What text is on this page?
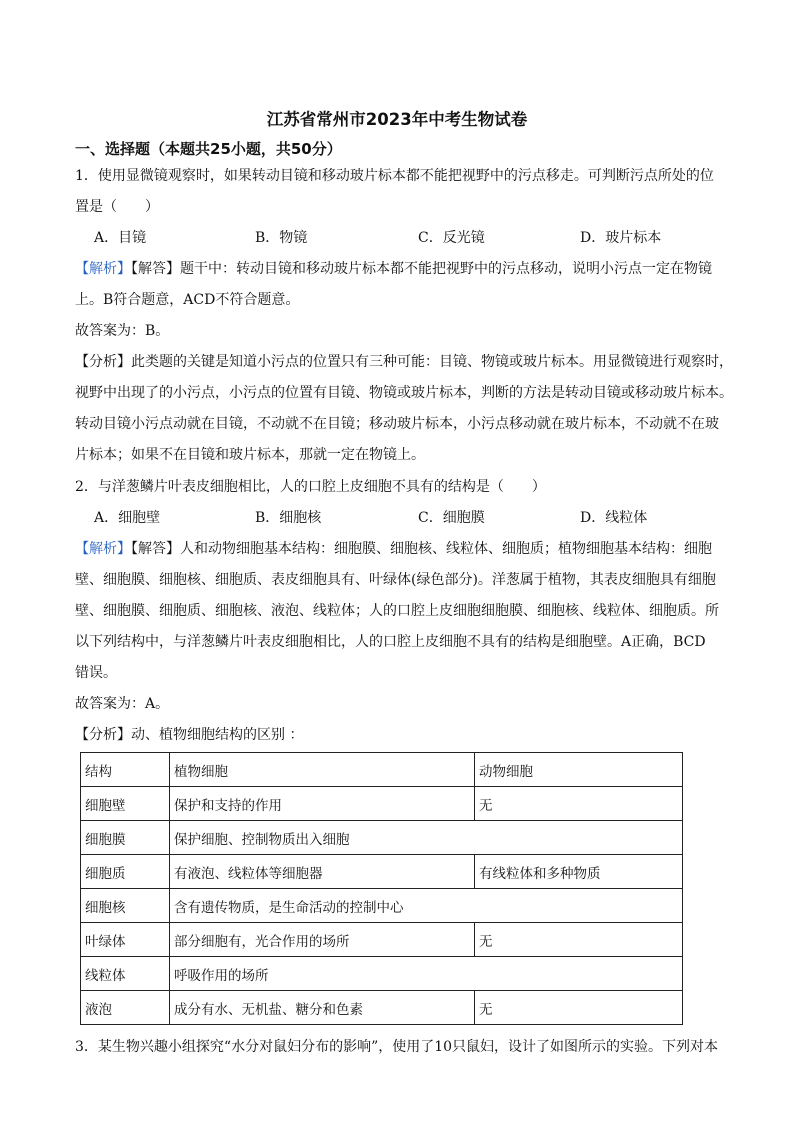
江苏省常州市2023年中考生物试卷
一、选择题（本题共25小题，共50分）
1．使用显微镜观察时，如果转动目镜和移动玻片标本都不能把视野中的污点移走。可判断污点所处的位
置是（　　）
A．目镜	B．物镜	C．反光镜	D．玻片标本
【解析】【解答】题干中：转动目镜和移动玻片标本都不能把视野中的污点移动，说明小污点一定在物镜
上。B符合题意，ACD不符合题意。
故答案为：B。
【分析】此类题的关键是知道小污点的位置只有三种可能：目镜、物镜或玻片标本。用显微镜进行观察时，
视野中出现了的小污点，小污点的位置有目镜、物镜或玻片标本，判断的方法是转动目镜或移动玻片标本。
转动目镜小污点动就在目镜，不动就不在目镜；移动玻片标本，小污点移动就在玻片标本，不动就不在玻
片标本；如果不在目镜和玻片标本，那就一定在物镜上。
2．与洋葱鳞片叶表皮细胞相比，人的口腔上皮细胞不具有的结构是（　　）
A．细胞壁	B．细胞核	C．细胞膜	D．线粒体
【解析】【解答】人和动物细胞基本结构：细胞膜、细胞核、线粒体、细胞质；植物细胞基本结构：细胞
壁、细胞膜、细胞核、细胞质、表皮细胞具有、叶绿体(绿色部分)。洋葱属于植物，其表皮细胞具有细胞
壁、细胞膜、细胞质、细胞核、液泡、线粒体；人的口腔上皮细胞细胞膜、细胞核、线粒体、细胞质。所
以下列结构中，与洋葱鳞片叶表皮细胞相比，人的口腔上皮细胞不具有的结构是细胞壁。A正确，BCD
错误。
故答案为：A。
【分析】动、植物细胞结构的区别 ：
结构	植物细胞	动物细胞
细胞壁	保护和支持的作用	无
细胞膜	保护细胞、控制物质出入细胞	
细胞质	有液泡、线粒体等细胞器	有线粒体和多种物质
细胞核	含有遗传物质，是生命活动的控制中心	
叶绿体	部分细胞有，光合作用的场所	无
线粒体	呼吸作用的场所	
液泡	成分有水、无机盐、糖分和色素	无
3．某生物兴趣小组探究“水分对鼠妇分布的影响”，使用了10只鼠妇，设计了如图所示的实验。下列对本
